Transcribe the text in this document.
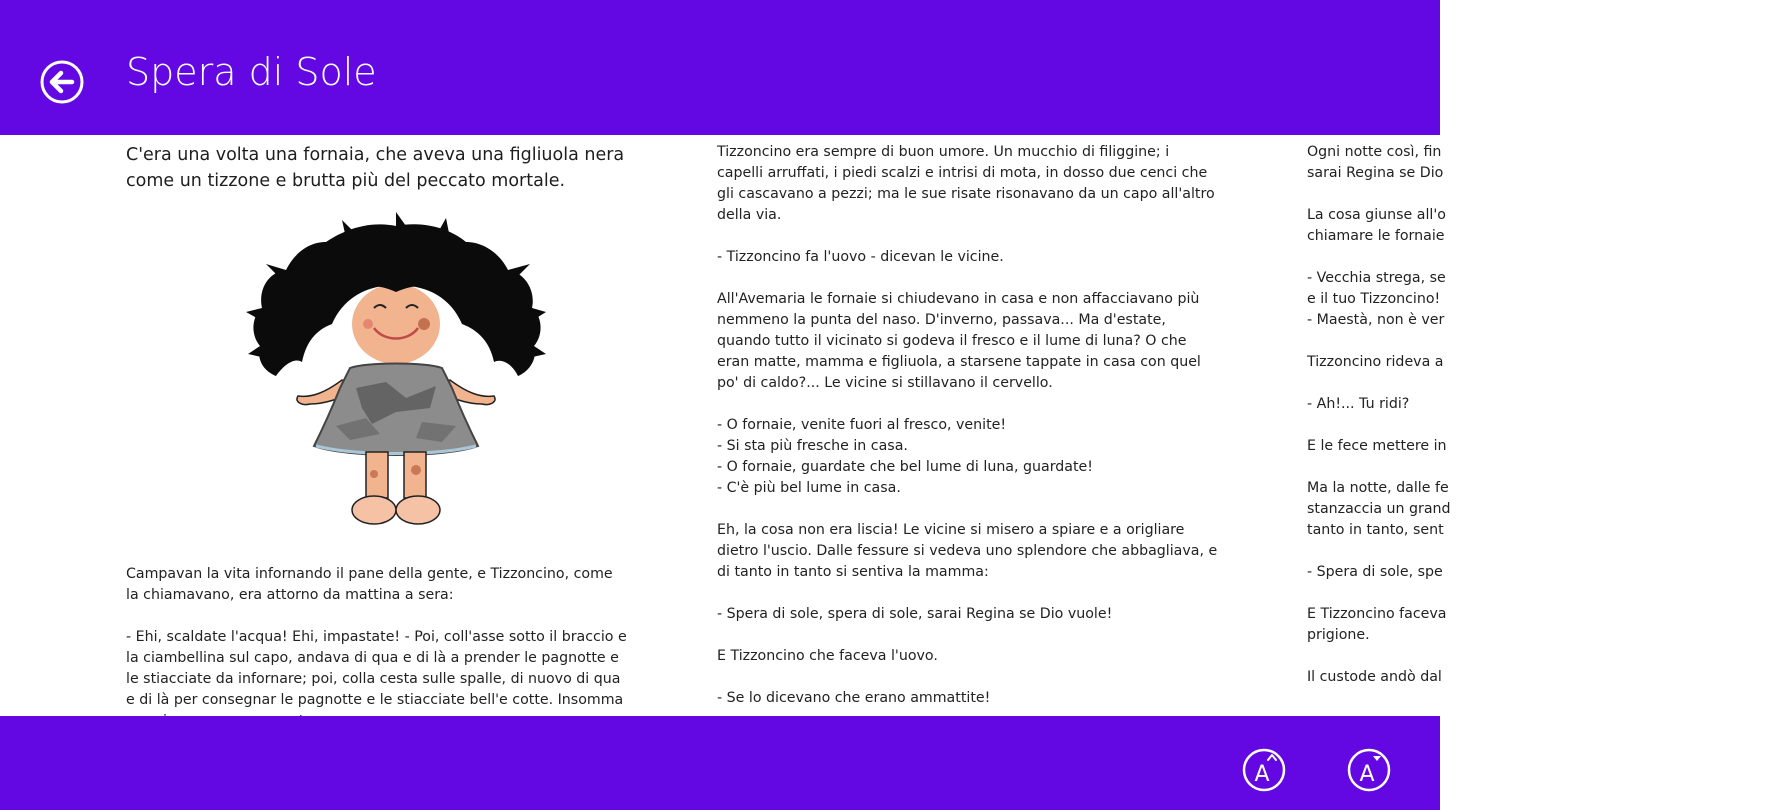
Spera di Sole

C'era una volta una fornaia, che aveva una figliuola nera
come un tizzone e brutta più del peccato mortale.

Campavan la vita infornando il pane della gente, e Tizzoncino, come
la chiamavano, era attorno da mattina a sera:

- Ehi, scaldate l'acqua! Ehi, impastate! - Poi, coll'asse sotto il braccio e
la ciambellina sul capo, andava di qua e di là a prender le pagnotte e
le stiacciate da infornare; poi, colla cesta sulle spalle, di nuovo di qua
e di là per consegnar le pagnotte e le stiacciate bell'e cotte. Insomma

Tizzoncino era sempre di buon umore. Un mucchio di filiggine; i
capelli arruffati, i piedi scalzi e intrisi di mota, in dosso due cenci che
gli cascavano a pezzi; ma le sue risate risonavano da un capo all'altro
della via.

- Tizzoncino fa l'uovo - dicevan le vicine.

All'Avemaria le fornaie si chiudevano in casa e non affacciavano più
nemmeno la punta del naso. D'inverno, passava... Ma d'estate,
quando tutto il vicinato si godeva il fresco e il lume di luna? O che
eran matte, mamma e figliuola, a starsene tappate in casa con quel
po' di caldo?... Le vicine si stillavano il cervello.

- O fornaie, venite fuori al fresco, venite!
- Si sta più fresche in casa.
- O fornaie, guardate che bel lume di luna, guardate!
- C'è più bel lume in casa.

Eh, la cosa non era liscia! Le vicine si misero a spiare e a origliare
dietro l'uscio. Dalle fessure si vedeva uno splendore che abbagliava, e
di tanto in tanto si sentiva la mamma:

- Spera di sole, spera di sole, sarai Regina se Dio vuole!

E Tizzoncino che faceva l'uovo.

- Se lo dicevano che erano ammattite!

Ogni notte così, fin
sarai Regina se Dio

La cosa giunse all'o
chiamare le fornaie

- Vecchia strega, se
e il tuo Tizzoncino!
- Maestà, non è ver

Tizzoncino rideva a

- Ah!... Tu ridi?

E le fece mettere in

Ma la notte, dalle fe
stanzaccia un grand
tanto in tanto, sent

- Spera di sole, spe

E Tizzoncino faceva
prigione.

Il custode andò dal

A	A
